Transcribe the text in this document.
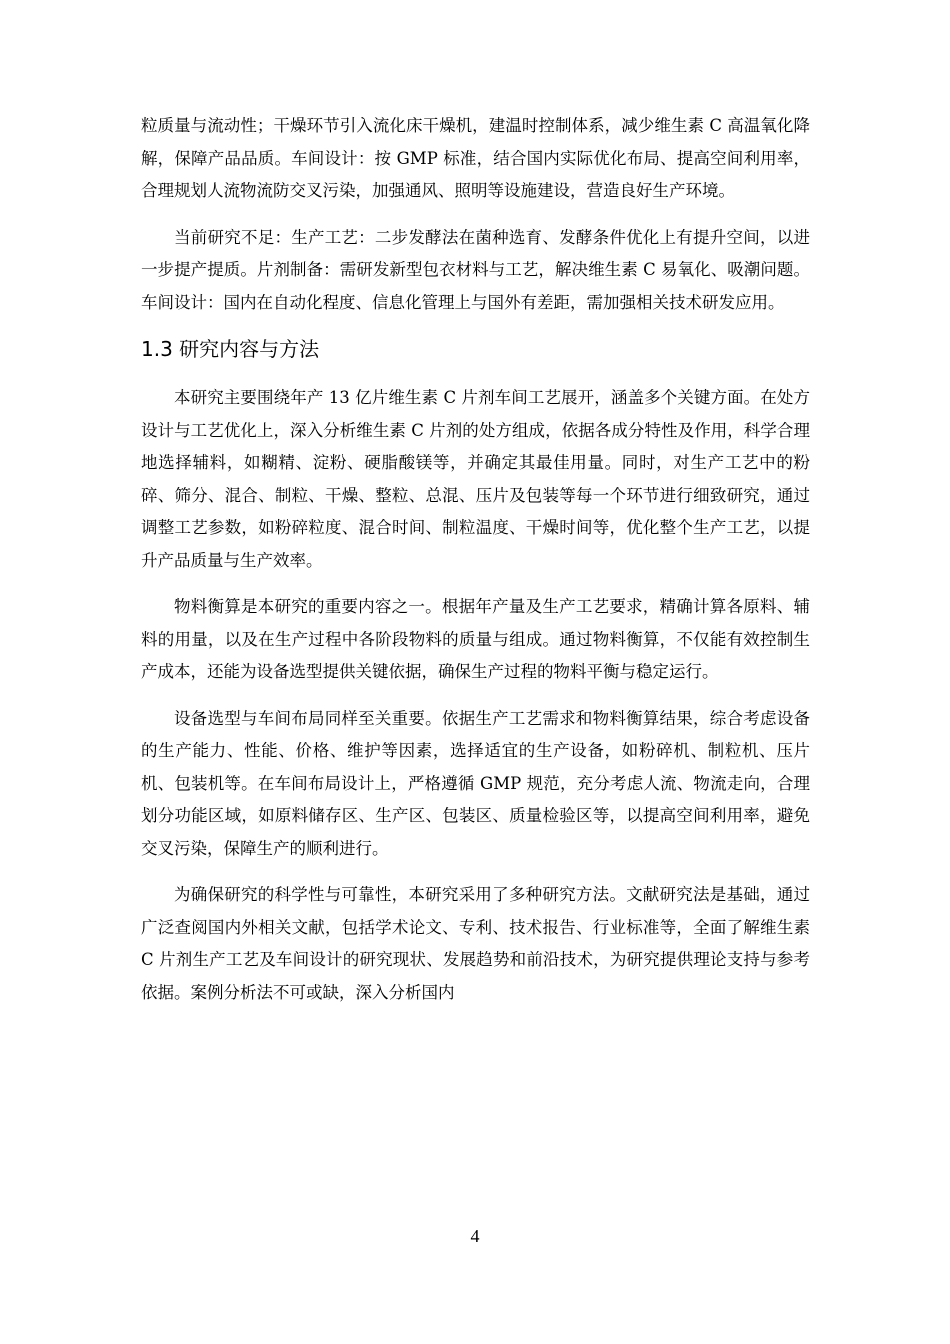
粒质量与流动性；干燥环节引入流化床干燥机，建温时控制体系，减少维生素 C 高温氧化降解，保障产品品质。车间设计：按 GMP 标准，结合国内实际优化布局、提高空间利用率，合理规划人流物流防交叉污染，加强通风、照明等设施建设，营造良好生产环境。

当前研究不足：生产工艺：二步发酵法在菌种选育、发酵条件优化上有提升空间，以进一步提产提质。片剂制备：需研发新型包衣材料与工艺，解决维生素 C 易氧化、吸潮问题。车间设计：国内在自动化程度、信息化管理上与国外有差距，需加强相关技术研发应用。

1.3 研究内容与方法

本研究主要围绕年产 13 亿片维生素 C 片剂车间工艺展开，涵盖多个关键方面。在处方设计与工艺优化上，深入分析维生素 C 片剂的处方组成，依据各成分特性及作用，科学合理地选择辅料，如糊精、淀粉、硬脂酸镁等，并确定其最佳用量。同时，对生产工艺中的粉碎、筛分、混合、制粒、干燥、整粒、总混、压片及包装等每一个环节进行细致研究，通过调整工艺参数，如粉碎粒度、混合时间、制粒温度、干燥时间等，优化整个生产工艺，以提升产品质量与生产效率。

物料衡算是本研究的重要内容之一。根据年产量及生产工艺要求，精确计算各原料、辅料的用量，以及在生产过程中各阶段物料的质量与组成。通过物料衡算，不仅能有效控制生产成本，还能为设备选型提供关键依据，确保生产过程的物料平衡与稳定运行。

设备选型与车间布局同样至关重要。依据生产工艺需求和物料衡算结果，综合考虑设备的生产能力、性能、价格、维护等因素，选择适宜的生产设备，如粉碎机、制粒机、压片机、包装机等。在车间布局设计上，严格遵循 GMP 规范，充分考虑人流、物流走向，合理划分功能区域，如原料储存区、生产区、包装区、质量检验区等，以提高空间利用率，避免交叉污染，保障生产的顺利进行。

为确保研究的科学性与可靠性，本研究采用了多种研究方法。文献研究法是基础，通过广泛查阅国内外相关文献，包括学术论文、专利、技术报告、行业标准等，全面了解维生素 C 片剂生产工艺及车间设计的研究现状、发展趋势和前沿技术，为研究提供理论支持与参考依据。案例分析法不可或缺，深入分析国内

4
